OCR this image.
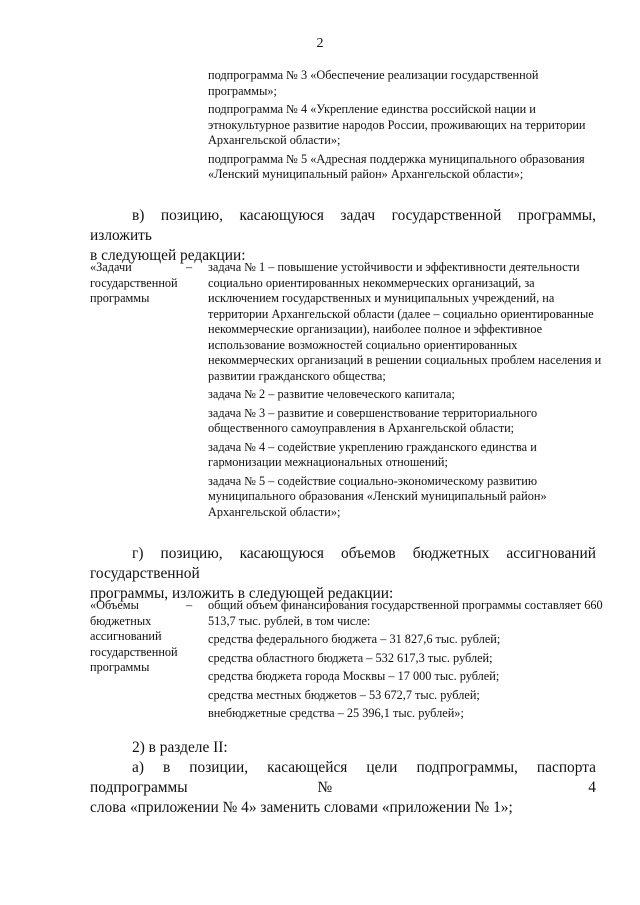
2

подпрограмма № 3 «Обеспечение реализации государственной программы»;

подпрограмма № 4 «Укрепление единства российской нации и этнокультурное развитие народов России, проживающих на территории Архангельской области»;

подпрограмма № 5 «Адресная поддержка муниципального образования «Ленский муниципальный район» Архангельской области»;

в) позицию, касающуюся задач государственной программы, изложить
в следующей редакции:
«Задачи государственной программы
– задача № 1 – повышение устойчивости и эффективности деятельности социально ориентированных некоммерческих организаций, за исключением государственных и муниципальных учреждений, на территории Архангельской области (далее – социально ориентированные некоммерческие организации), наиболее полное и эффективное использование возможностей социально ориентированных некоммерческих организаций в решении социальных проблем населения и развитии гражданского общества;

задача № 2 – развитие человеческого капитала;

задача № 3 – развитие и совершенствование территориального общественного самоуправления в Архангельской области;

задача № 4 – содействие укреплению гражданского единства и гармонизации межнациональных отношений;

задача № 5 – содействие социально-экономическому развитию муниципального образования «Ленский муниципальный район» Архангельской области»;

г) позицию, касающуюся объемов бюджетных ассигнований государственной
программы, изложить в следующей редакции:
«Объемы бюджетных ассигнований государственной программы
– общий объем финансирования государственной программы составляет 660 513,7 тыс. рублей, в том числе:

средства федерального бюджета – 31 827,6 тыс. рублей;

средства областного бюджета – 532 617,3 тыс. рублей;

средства бюджета города Москвы – 17 000 тыс. рублей;

средства местных бюджетов – 53 672,7 тыс. рублей;

внебюджетные средства – 25 396,1 тыс. рублей»;

2) в разделе II:
а) в позиции, касающейся цели подпрограммы, паспорта подпрограммы № 4
слова «приложении № 4» заменить словами «приложении № 1»;
